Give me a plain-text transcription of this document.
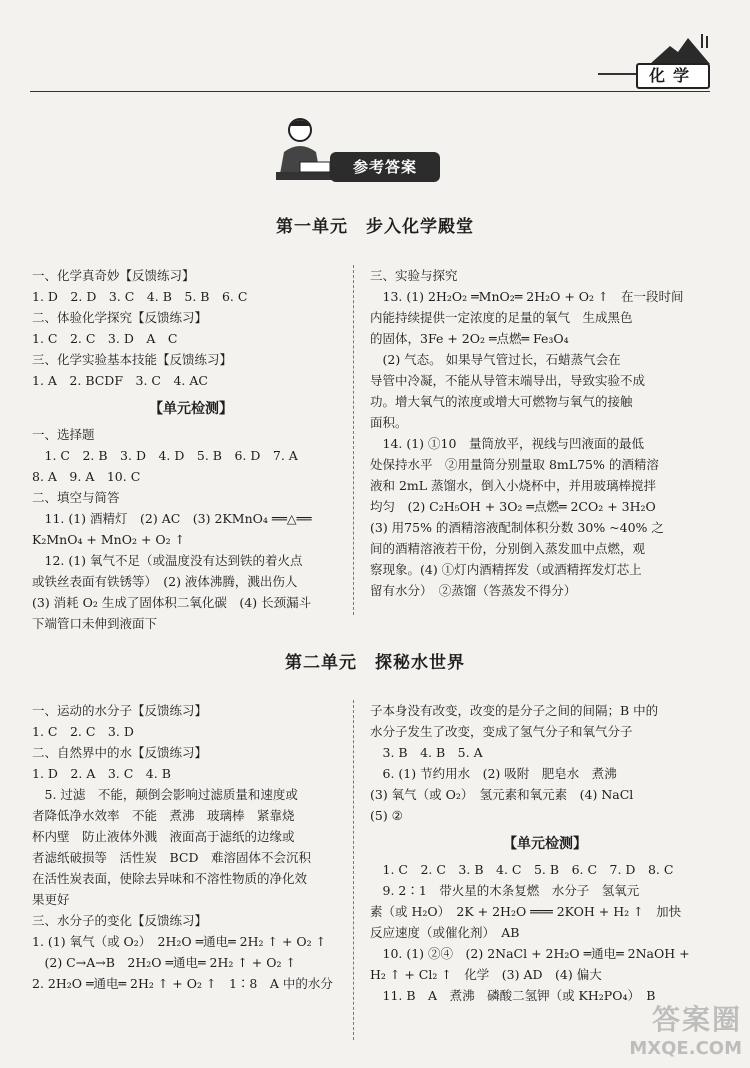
化学
参考答案
第一单元　步入化学殿堂

一、化学真奇妙【反馈练习】

1. D　2. D　3. C　4. B　5. B　6. C

二、体验化学探究【反馈练习】

1. C　2. C　3. D　A　C

三、化学实验基本技能【反馈练习】

1. A　2. BCDF　3. C　4. AC

【单元检测】

一、选择题

　1. C　2. B　3. D　4. D　5. B　6. D　7. A

8. A　9. A　10. C

二、填空与简答

　11. (1) 酒精灯　(2) AC　(3) 2KMnO₄ ══△══

K₂MnO₄ + MnO₂ + O₂ ↑

　12. (1) 氧气不足（或温度没有达到铁的着火点

或铁丝表面有铁锈等）　(2) 液体沸腾，溅出伤人

(3) 消耗 O₂ 生成了固体积二氧化碳　(4) 长颈漏斗

下端管口未伸到液面下

三、实验与探究

　13. (1) 2H₂O₂ ═MnO₂═ 2H₂O + O₂ ↑　在一段时间

内能持续提供一定浓度的足量的氧气　生成黑色

的固体，3Fe + 2O₂ ═点燃═ Fe₃O₄

　(2) 气态。 如果导气管过长，石蜡蒸气会在

导管中冷凝，不能从导管末端导出，导致实验不成

功。增大氧气的浓度或增大可燃物与氧气的接触

面积。

　14. (1) ①10　量筒放平，视线与凹液面的最低

处保持水平　②用量筒分别量取 8mL75% 的酒精溶

液和 2mL 蒸馏水，倒入小烧杯中，并用玻璃棒搅拌

均匀　(2) C₂H₅OH + 3O₂ ═点燃═ 2CO₂ + 3H₂O

(3) 用75% 的酒精溶液配制体积分数 30% ~40% 之

间的酒精溶液若干份，分别倒入蒸发皿中点燃，观

察现象。(4) ①灯内酒精挥发（或酒精挥发灯芯上

留有水分）　②蒸馏（答蒸发不得分）

第二单元　探秘水世界

一、运动的水分子【反馈练习】

1. C　2. C　3. D

二、自然界中的水【反馈练习】

1. D　2. A　3. C　4. B

　5. 过滤　不能，颠倒会影响过滤质量和速度或

者降低净水效率　不能　煮沸　玻璃棒　紧靠烧

杯内壁　防止液体外溅　液面高于滤纸的边缘或

者滤纸破损等　活性炭　BCD　难溶固体不会沉积

在活性炭表面，使除去异味和不溶性物质的净化效

果更好

三、水分子的变化【反馈练习】

1. (1) 氧气（或 O₂）　2H₂O ═通电═ 2H₂ ↑ + O₂ ↑

　(2) C→A→B　2H₂O ═通电═ 2H₂ ↑ + O₂ ↑

2. 2H₂O ═通电═ 2H₂ ↑ + O₂ ↑　1∶8　A 中的水分

子本身没有改变，改变的是分子之间的间隔；B 中的

水分子发生了改变，变成了氢气分子和氧气分子

　3. B　4. B　5. A

　6. (1) 节约用水　(2) 吸附　肥皂水　煮沸

(3) 氧气（或 O₂）　氢元素和氧元素　(4) NaCl

(5) ②

【单元检测】

　1. C　2. C　3. B　4. C　5. B　6. C　7. D　8. C

　9. 2∶1　带火星的木条复燃　水分子　氢氧元

素（或 H₂O）　2K + 2H₂O ═══ 2KOH + H₂ ↑　加快

反应速度（或催化剂）　AB

　10. (1) ②④　(2) 2NaCl + 2H₂O ═通电═ 2NaOH +

H₂ ↑ + Cl₂ ↑　化学　(3) AD　(4) 偏大

　11. B　A　煮沸　磷酸二氢钾（或 KH₂PO₄）　B

答案圈
MXQE.COM
